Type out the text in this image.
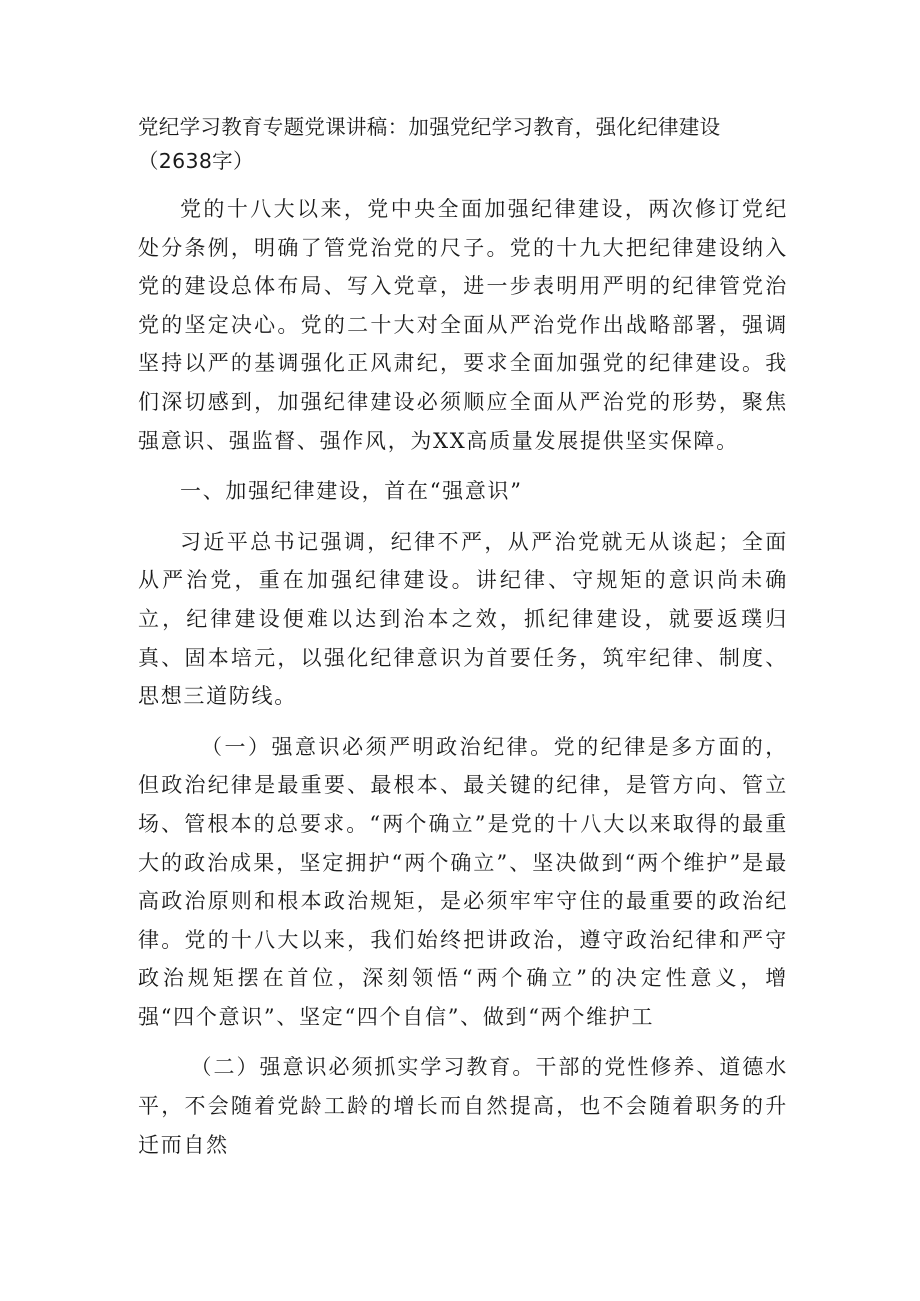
党纪学习教育专题党课讲稿：加强党纪学习教育，强化纪律建设（2638字）

党的十八大以来，党中央全面加强纪律建设，两次修订党纪处分条例，明确了管党治党的尺子。党的十九大把纪律建设纳入党的建设总体布局、写入党章，进一步表明用严明的纪律管党治党的坚定决心。党的二十大对全面从严治党作出战略部署，强调坚持以严的基调强化正风肃纪，要求全面加强党的纪律建设。我们深切感到，加强纪律建设必须顺应全面从严治党的形势，聚焦强意识、强监督、强作风，为XX高质量发展提供坚实保障。

一、加强纪律建设，首在“强意识”

习近平总书记强调，纪律不严，从严治党就无从谈起；全面从严治党，重在加强纪律建设。讲纪律、守规矩的意识尚未确立，纪律建设便难以达到治本之效，抓纪律建设，就要返璞归真、固本培元，以强化纪律意识为首要任务，筑牢纪律、制度、思想三道防线。

（一）强意识必须严明政治纪律。党的纪律是多方面的，但政治纪律是最重要、最根本、最关键的纪律，是管方向、管立场、管根本的总要求。“两个确立”是党的十八大以来取得的最重大的政治成果，坚定拥护“两个确立”、坚决做到“两个维护”是最高政治原则和根本政治规矩，是必须牢牢守住的最重要的政治纪律。党的十八大以来，我们始终把讲政治，遵守政治纪律和严守政治规矩摆在首位，深刻领悟“两个确立”的决定性意义，增强“四个意识”、坚定“四个自信”、做到“两个维护工

（二）强意识必须抓实学习教育。干部的党性修养、道德水平，不会随着党龄工龄的增长而自然提高，也不会随着职务的升迁而自然
